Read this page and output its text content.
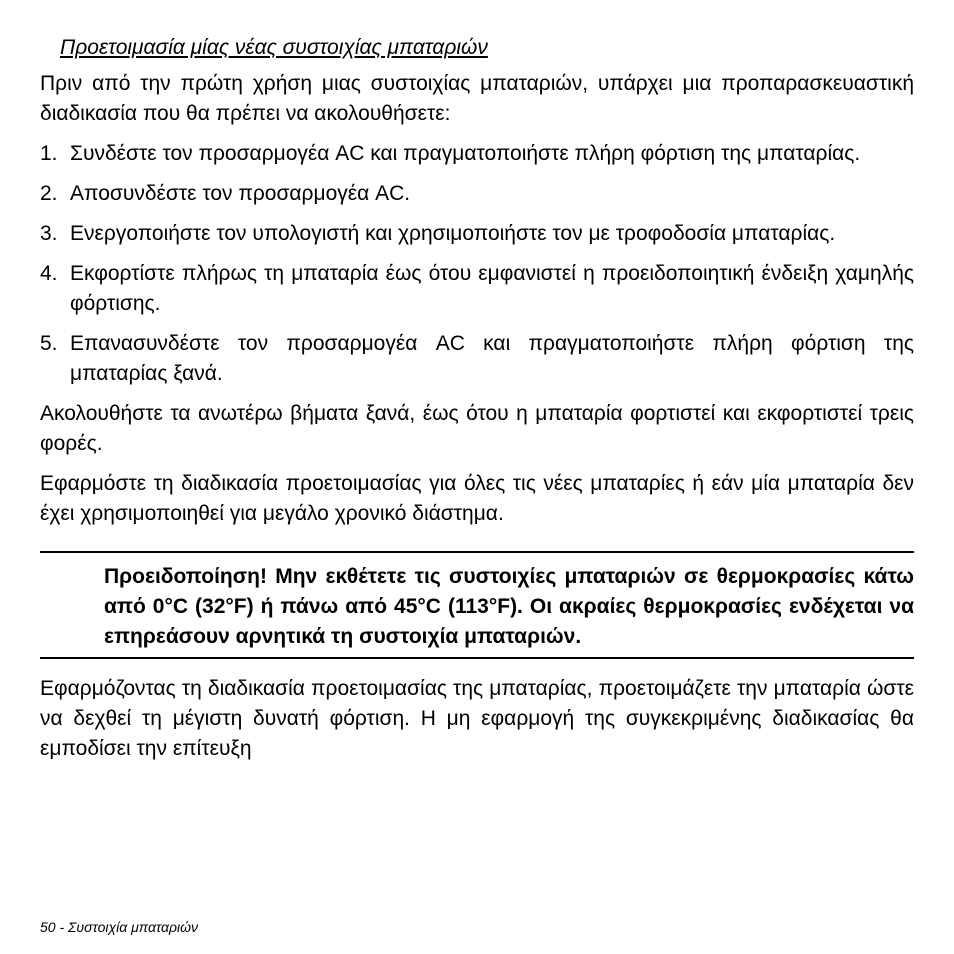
Προετοιμασία μίας νέας συστοιχίας μπαταριών

Πριν από την πρώτη χρήση μιας συστοιχίας μπαταριών, υπάρχει μια προπαρασκευαστική διαδικασία που θα πρέπει να ακολουθήσετε:

1. Συνδέστε τον προσαρμογέα AC και πραγματοποιήστε πλήρη φόρτιση της μπαταρίας.
2. Αποσυνδέστε τον προσαρμογέα AC.
3. Ενεργοποιήστε τον υπολογιστή και χρησιμοποιήστε τον με τροφοδοσία μπαταρίας.
4. Εκφορτίστε πλήρως τη μπαταρία έως ότου εμφανιστεί η προειδοποιητική ένδειξη χαμηλής φόρτισης.
5. Επανασυνδέστε τον προσαρμογέα AC και πραγματοποιήστε πλήρη φόρτιση της μπαταρίας ξανά.

Ακολουθήστε τα ανωτέρω βήματα ξανά, έως ότου η μπαταρία φορτιστεί και εκφορτιστεί τρεις φορές.

Εφαρμόστε τη διαδικασία προετοιμασίας για όλες τις νέες μπαταρίες ή εάν μία μπαταρία δεν έχει χρησιμοποιηθεί για μεγάλο χρονικό διάστημα.

Προειδοποίηση! Μην εκθέτετε τις συστοιχίες μπαταριών σε θερμοκρασίες κάτω από 0°C (32°F) ή πάνω από 45°C (113°F). Οι ακραίες θερμοκρασίες ενδέχεται να επηρεάσουν αρνητικά τη συστοιχία μπαταριών.

Εφαρμόζοντας τη διαδικασία προετοιμασίας της μπαταρίας, προετοιμάζετε την μπαταρία ώστε να δεχθεί τη μέγιστη δυνατή φόρτιση. Η μη εφαρμογή της συγκεκριμένης διαδικασίας θα εμποδίσει την επίτευξη

50 - Συστοιχία μπαταριών
